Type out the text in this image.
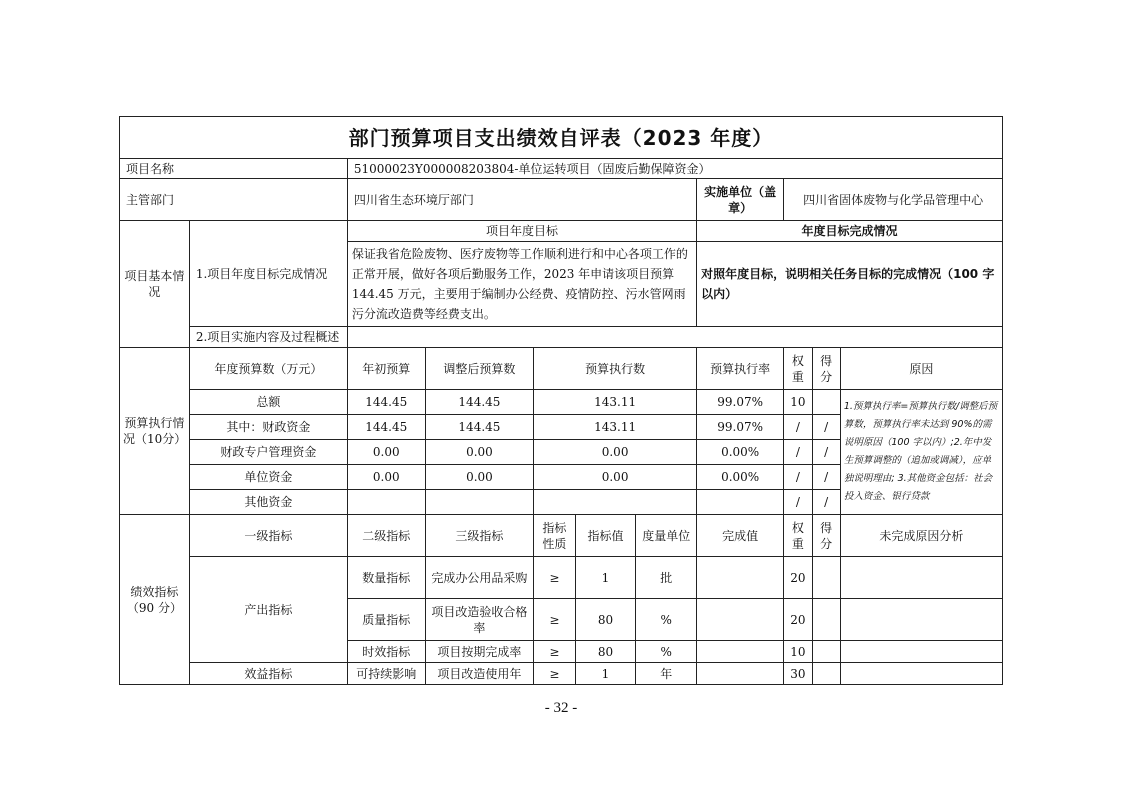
部门预算项目支出绩效自评表（2023 年度）										
项目名称		51000023Y000008203804-单位运转项目（固废后勤保障资金）								
主管部门		四川省生态环境厅部门					实施单位（盖章）	四川省固体废物与化学品管理中心		
项目基本情况	1.项目年度目标完成情况	项目年度目标					年度目标完成情况			
		保证我省危险废物、医疗废物等工作顺利进行和中心各项工作的正常开展，做好各项后勤服务工作，2023 年申请该项目预算 144.45 万元，主要用于编制办公经费、疫情防控、污水管网雨污分流改造费等经费支出。					对照年度目标，说明相关任务目标的完成情况（100 字以内）			
	2.项目实施内容及过程概述									
预算执行情况（10分）	年度预算数（万元）	年初预算	调整后预算数	预算执行数			预算执行率	权重	得分	原因
	总额	144.45	144.45	143.11			99.07%	10		1.预算执行率=预算执行数/调整后预算数，预算执行率未达到 90%的需说明原因（100 字以内）;2.年中发生预算调整的（追加或调减），应单独说明理由; 3.其他资金包括：社会投入资金、银行贷款
	其中：财政资金	144.45	144.45	143.11			99.07%	/	/	
	财政专户管理资金	0.00	0.00	0.00			0.00%	/	/	
	单位资金	0.00	0.00	0.00			0.00%	/	/	
	其他资金							/	/	
绩效指标（90 分）	一级指标	二级指标	三级指标	指标性质	指标值	度量单位	完成值	权重	得分	未完成原因分析
	产出指标	数量指标	完成办公用品采购	≥	1	批		20		
		质量指标	项目改造验收合格率	≥	80	%		20		
		时效指标	项目按期完成率	≥	80	%		10		
	效益指标	可持续影响	项目改造使用年	≥	1	年		30		
- 32 -
